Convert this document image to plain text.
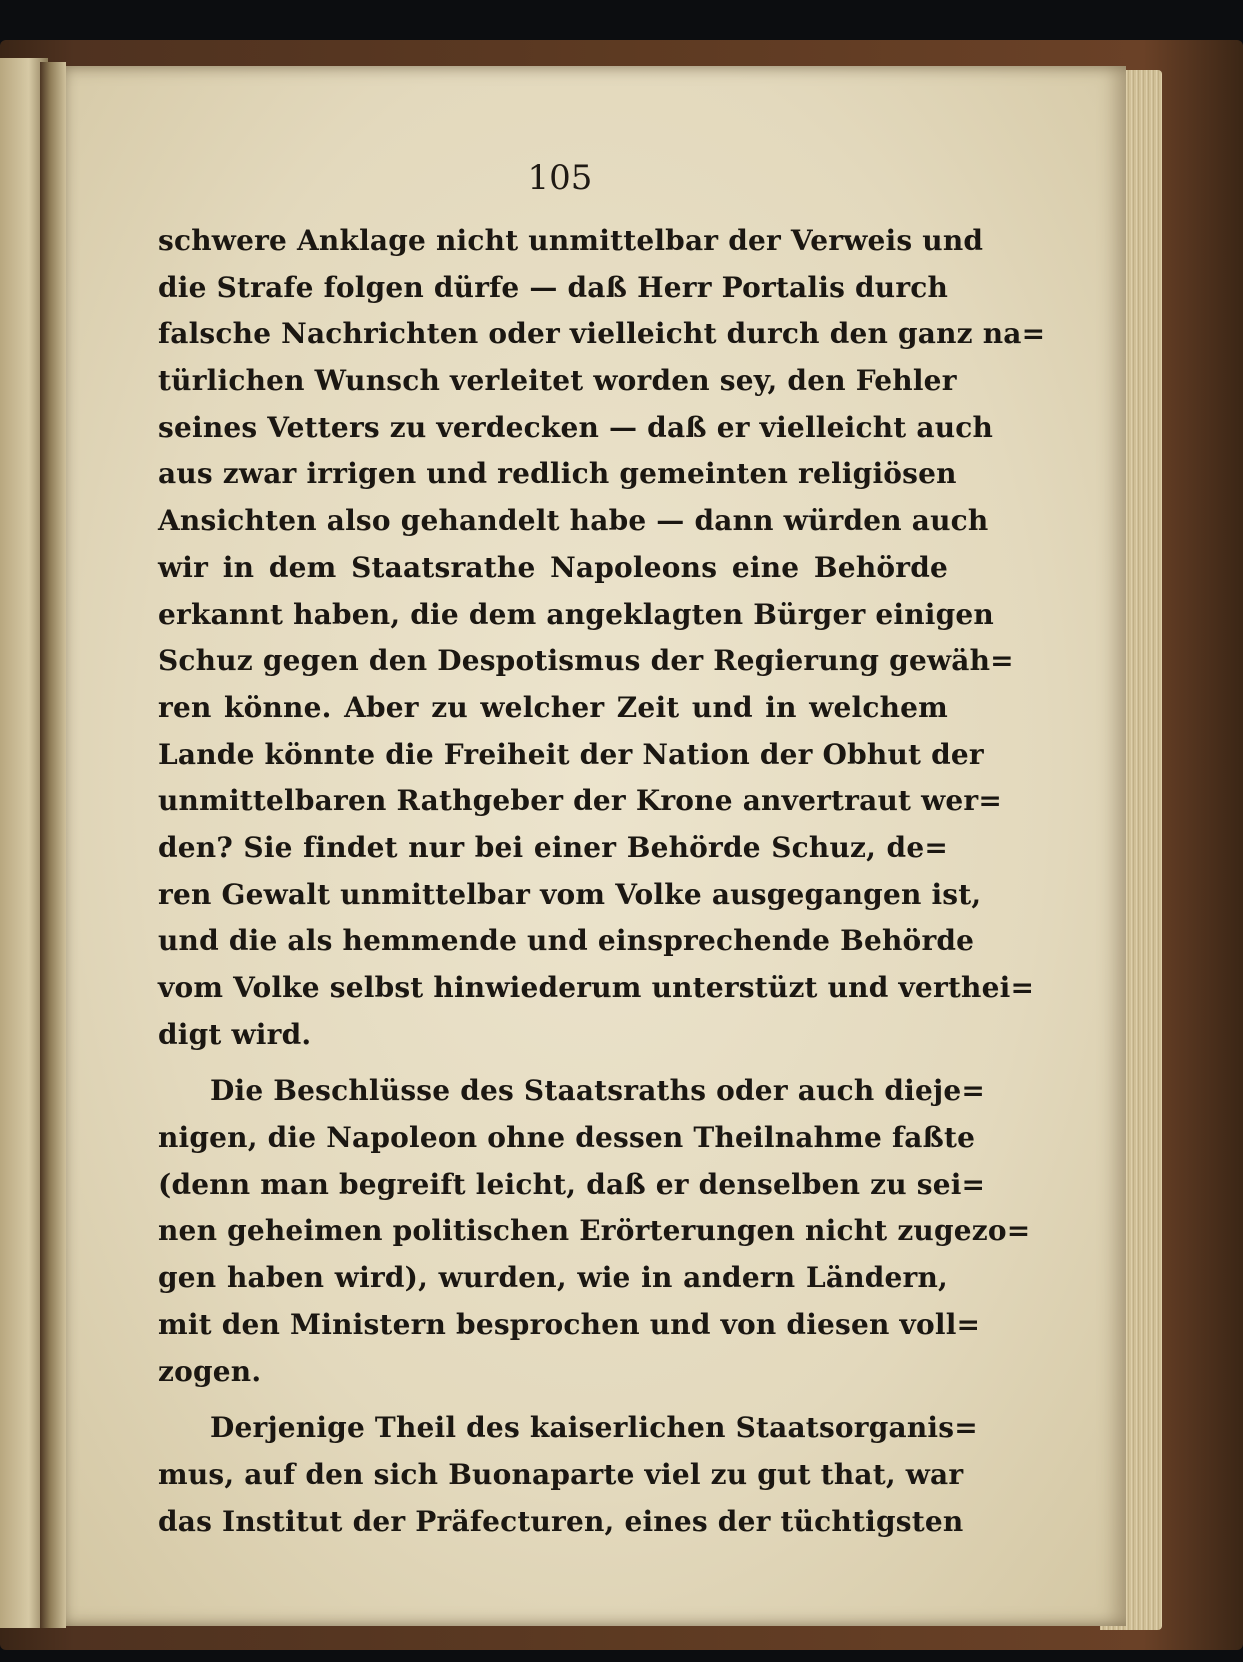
105
schwere Anklage nicht unmittelbar der Verweis und
die Strafe folgen dürfe — daß Herr Portalis durch
falsche Nachrichten oder vielleicht durch den ganz na=
türlichen Wunsch verleitet worden sey, den Fehler
seines Vetters zu verdecken — daß er vielleicht auch
aus zwar irrigen und redlich gemeinten religiösen
Ansichten also gehandelt habe — dann würden auch
wir in dem Staatsrathe Napoleons eine Behörde
erkannt haben, die dem angeklagten Bürger einigen
Schuz gegen den Despotismus der Regierung gewäh=
ren könne. Aber zu welcher Zeit und in welchem
Lande könnte die Freiheit der Nation der Obhut der
unmittelbaren Rathgeber der Krone anvertraut wer=
den? Sie findet nur bei einer Behörde Schuz, de=
ren Gewalt unmittelbar vom Volke ausgegangen ist,
und die als hemmende und einsprechende Behörde
vom Volke selbst hinwiederum unterstüzt und verthei=
digt wird.
Die Beschlüsse des Staatsraths oder auch dieje=
nigen, die Napoleon ohne dessen Theilnahme faßte
(denn man begreift leicht, daß er denselben zu sei=
nen geheimen politischen Erörterungen nicht zugezo=
gen haben wird), wurden, wie in andern Ländern,
mit den Ministern besprochen und von diesen voll=
zogen.
Derjenige Theil des kaiserlichen Staatsorganis=
mus, auf den sich Buonaparte viel zu gut that, war
das Institut der Präfecturen, eines der tüchtigsten
